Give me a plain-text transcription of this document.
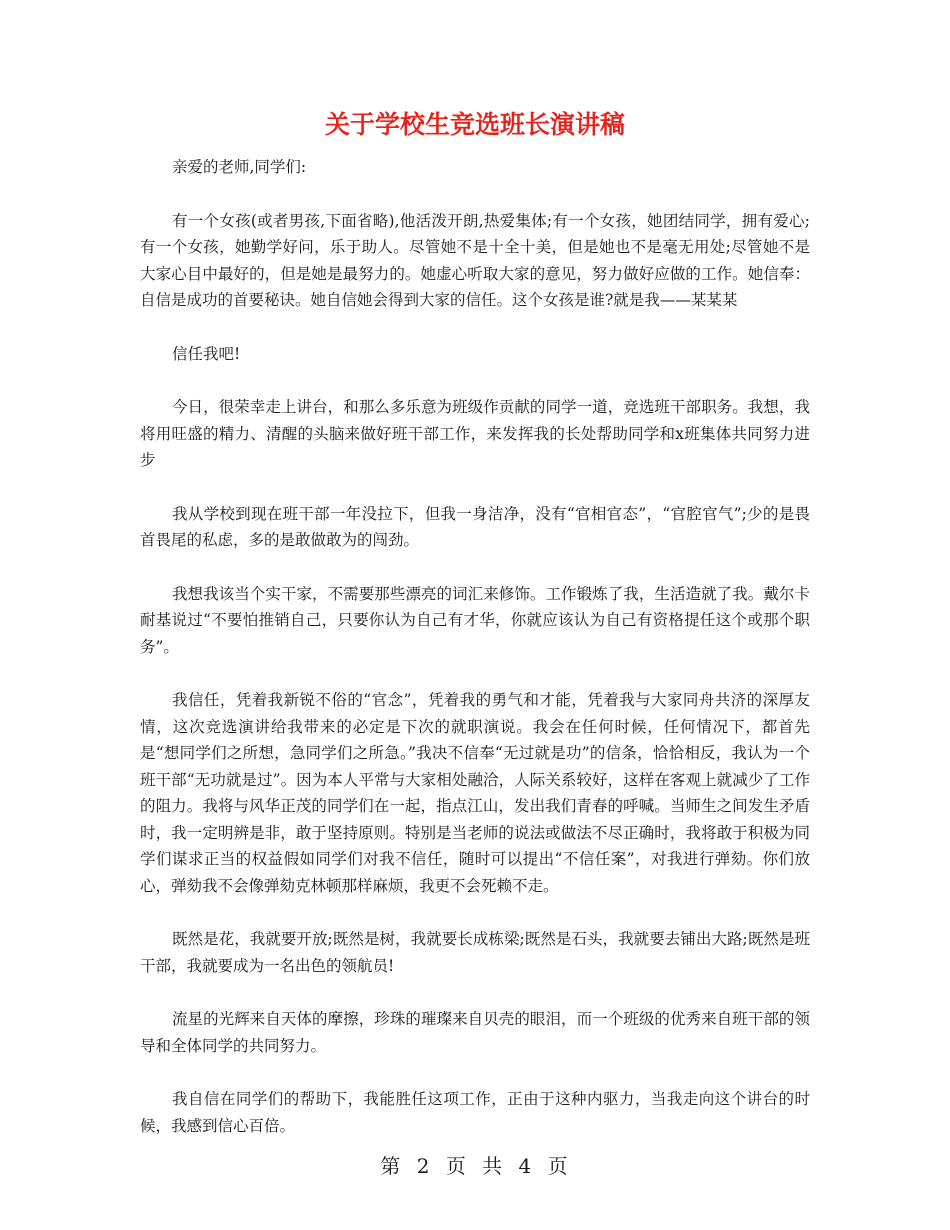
关于学校生竞选班长演讲稿

亲爱的老师,同学们:

有一个女孩(或者男孩,下面省略),他活泼开朗,热爱集体;有一个女孩，她团结同学，拥有爱心;有一个女孩，她勤学好问，乐于助人。尽管她不是十全十美，但是她也不是毫无用处;尽管她不是大家心目中最好的，但是她是最努力的。她虚心听取大家的意见，努力做好应做的工作。她信奉：自信是成功的首要秘诀。她自信她会得到大家的信任。这个女孩是谁?就是我——某某某

信任我吧!

今日，很荣幸走上讲台，和那么多乐意为班级作贡献的同学一道，竞选班干部职务。我想，我将用旺盛的精力、清醒的头脑来做好班干部工作，来发挥我的长处帮助同学和x班集体共同努力进步

我从学校到现在班干部一年没拉下，但我一身洁净，没有“官相官态”，“官腔官气”;少的是畏首畏尾的私虑，多的是敢做敢为的闯劲。

我想我该当个实干家，不需要那些漂亮的词汇来修饰。工作锻炼了我，生活造就了我。戴尔卡耐基说过“不要怕推销自己，只要你认为自己有才华，你就应该认为自己有资格提任这个或那个职务”。

我信任，凭着我新锐不俗的“官念”，凭着我的勇气和才能，凭着我与大家同舟共济的深厚友情，这次竞选演讲给我带来的必定是下次的就职演说。我会在任何时候，任何情况下，都首先是“想同学们之所想，急同学们之所急。”我决不信奉“无过就是功”的信条，恰恰相反，我认为一个班干部“无功就是过”。因为本人平常与大家相处融洽，人际关系较好，这样在客观上就减少了工作的阻力。我将与风华正茂的同学们在一起，指点江山，发出我们青春的呼喊。当师生之间发生矛盾时，我一定明辨是非，敢于坚持原则。特别是当老师的说法或做法不尽正确时，我将敢于积极为同学们谋求正当的权益假如同学们对我不信任，随时可以提出“不信任案”，对我进行弹劾。你们放心，弹劾我不会像弹劾克林顿那样麻烦，我更不会死赖不走。

既然是花，我就要开放;既然是树，我就要长成栋梁;既然是石头，我就要去铺出大路;既然是班干部，我就要成为一名出色的领航员!

流星的光辉来自天体的摩擦，珍珠的璀璨来自贝壳的眼泪，而一个班级的优秀来自班干部的领导和全体同学的共同努力。

我自信在同学们的帮助下，我能胜任这项工作，正由于这种内驱力，当我走向这个讲台的时候，我感到信心百倍。

第 2 页 共 4 页
